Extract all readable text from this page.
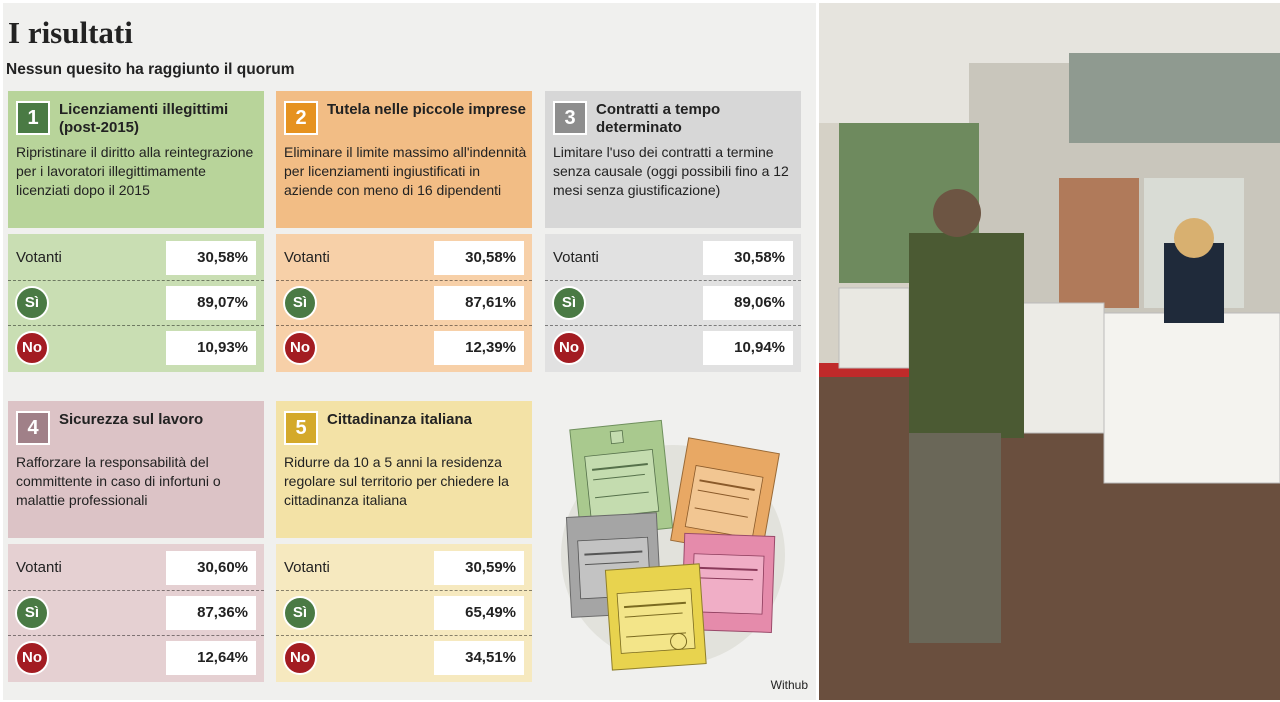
I risultati
Nessun quesito ha raggiunto il quorum
1	Licenziamenti illegittimi (post-2015)
Ripristinare il diritto alla reintegrazione per i lavoratori illegittimamente licenziati dopo il 2015
Votanti	30,58%
Sì	89,07%
No	10,93%
2	Tutela nelle piccole imprese
Eliminare il limite massimo all'indennità per licenziamenti ingiustificati in aziende con meno di 16 dipendenti
Votanti	30,58%
Sì	87,61%
No	12,39%
3	Contratti a tempo determinato
Limitare l'uso dei contratti a termine senza causale (oggi possibili fino a 12 mesi senza giustificazione)
Votanti	30,58%
Sì	89,06%
No	10,94%
4	Sicurezza sul lavoro
Rafforzare la responsabilità del committente in caso di infortuni o malattie professionali
Votanti	30,60%
Sì	87,36%
No	12,64%
5	Cittadinanza italiana
Ridurre da 10 a 5 anni la residenza regolare sul territorio per chiedere la cittadinanza italiana
Votanti	30,59%
Sì	65,49%
No	34,51%
Withub
